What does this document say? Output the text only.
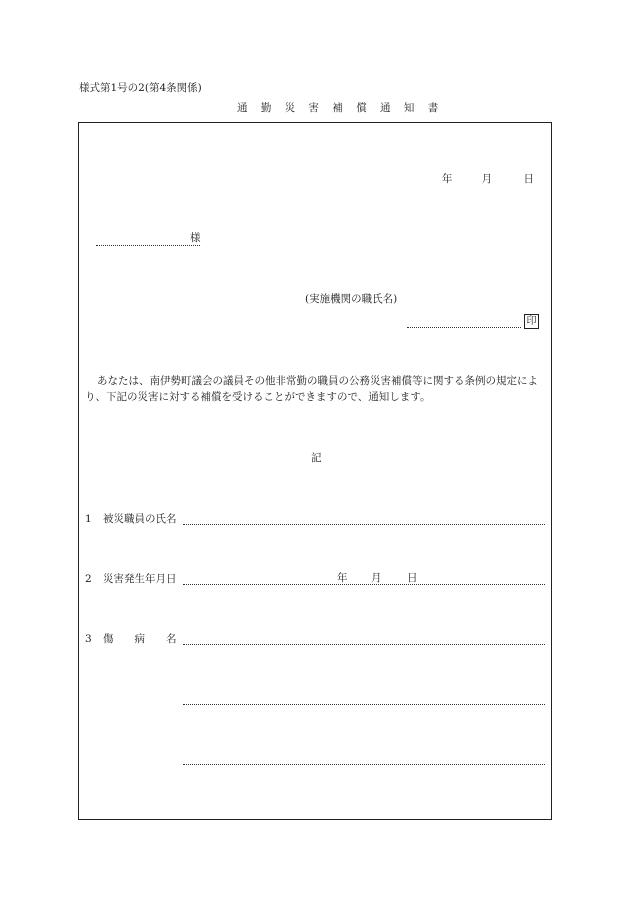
様式第1号の2(第4条関係)
通 勤 災 害 補 償 通 知 書
年	月	日
様
(実施機関の職氏名)
印
あなたは、南伊勢町議会の議員その他非常勤の職員の公務災害補償等に関する条例の規定により、下記の災害に対する補償を受けることができますので、通知します。
記
1 被災職員の氏名
2 災害発生年月日	年 月 日
3 傷　　病　　名
